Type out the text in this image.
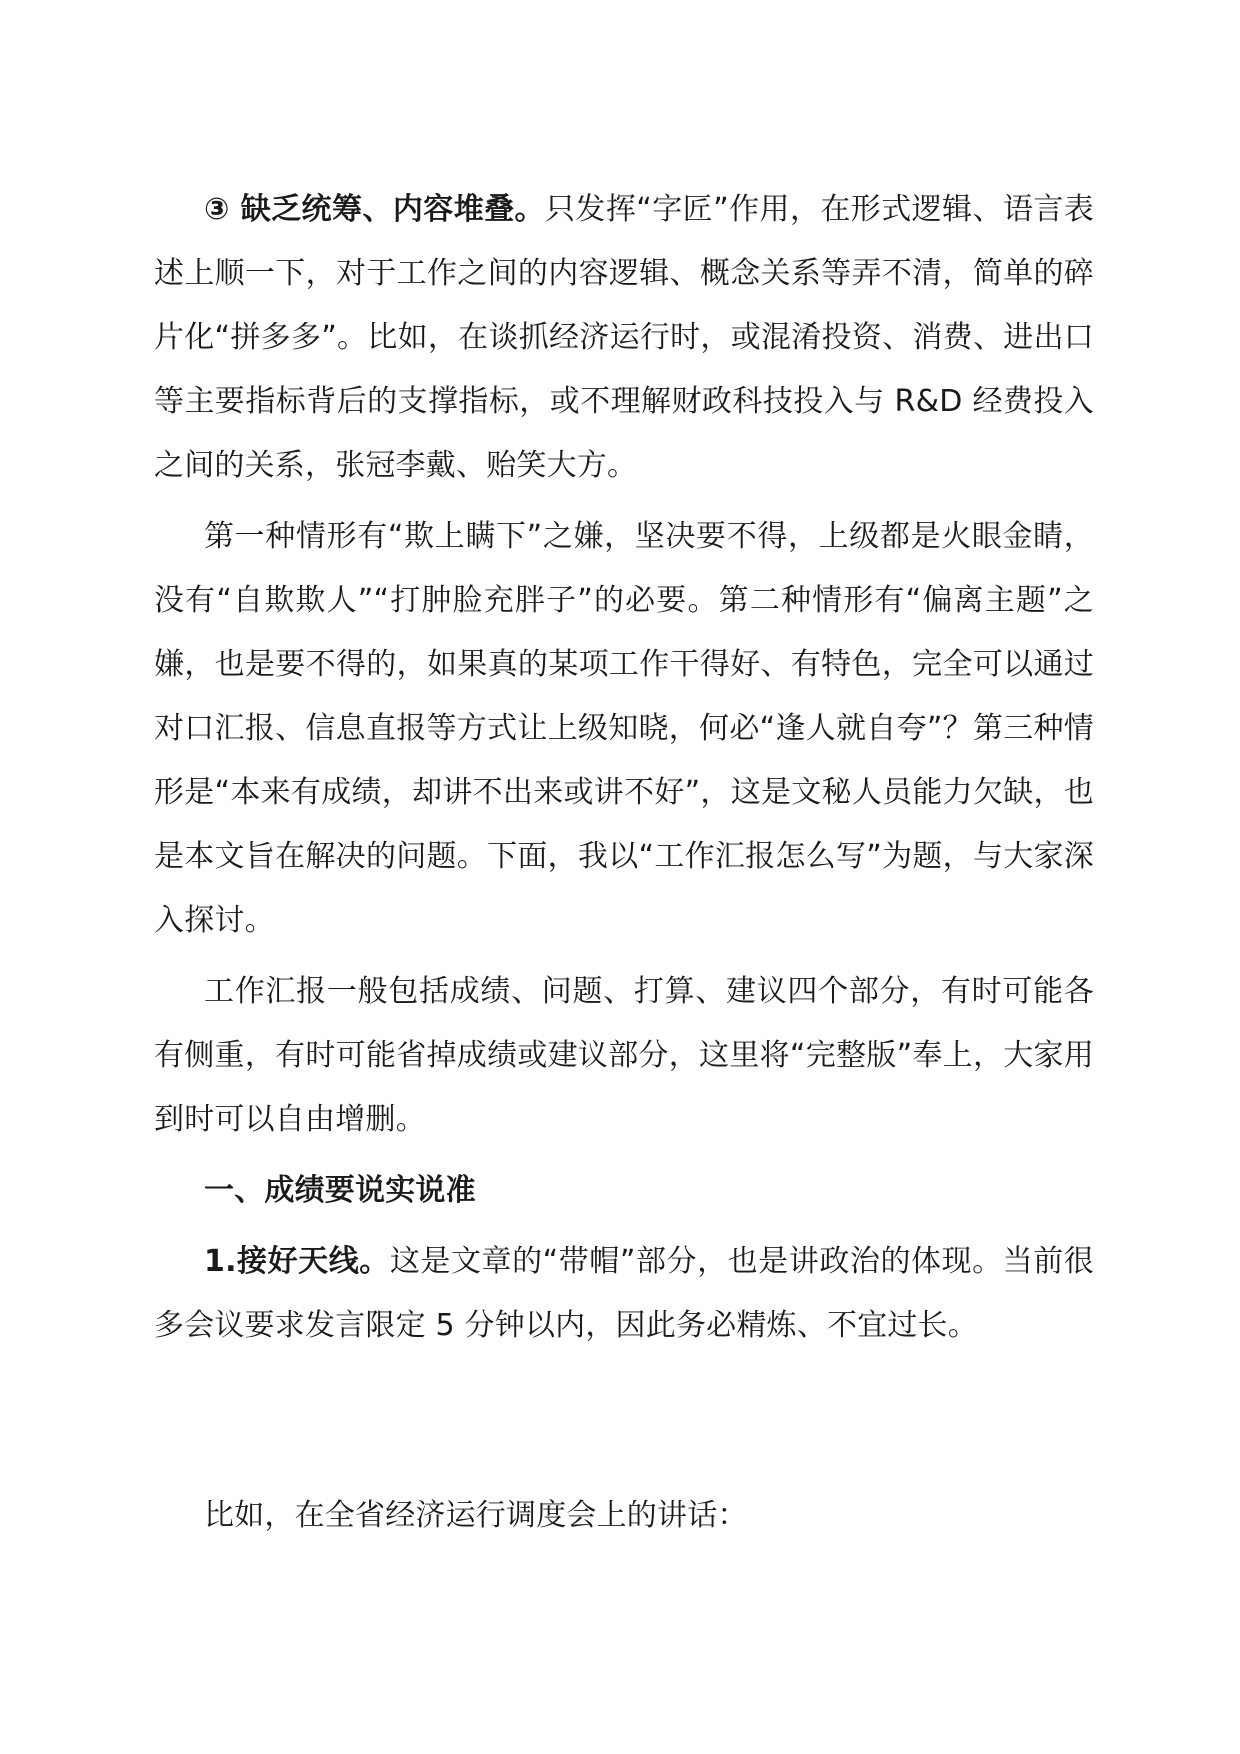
③ 缺乏统筹、内容堆叠。只发挥“字匠”作用，在形式逻辑、语言表述上顺一下，对于工作之间的内容逻辑、概念关系等弄不清，简单的碎片化“拼多多”。比如，在谈抓经济运行时，或混淆投资、消费、进出口等主要指标背后的支撑指标，或不理解财政科技投入与 R&D 经费投入之间的关系，张冠李戴、贻笑大方。

第一种情形有“欺上瞒下”之嫌，坚决要不得，上级都是火眼金睛，没有“自欺欺人”“打肿脸充胖子”的必要。第二种情形有“偏离主题”之嫌，也是要不得的，如果真的某项工作干得好、有特色，完全可以通过对口汇报、信息直报等方式让上级知晓，何必“逢人就自夸”？第三种情形是“本来有成绩，却讲不出来或讲不好”，这是文秘人员能力欠缺，也是本文旨在解决的问题。下面，我以“工作汇报怎么写”为题，与大家深入探讨。

工作汇报一般包括成绩、问题、打算、建议四个部分，有时可能各有侧重，有时可能省掉成绩或建议部分，这里将“完整版”奉上，大家用到时可以自由增删。

一、成绩要说实说准

1.接好天线。这是文章的“带帽”部分，也是讲政治的体现。当前很多会议要求发言限定 5 分钟以内，因此务必精炼、不宜过长。

比如，在全省经济运行调度会上的讲话：
